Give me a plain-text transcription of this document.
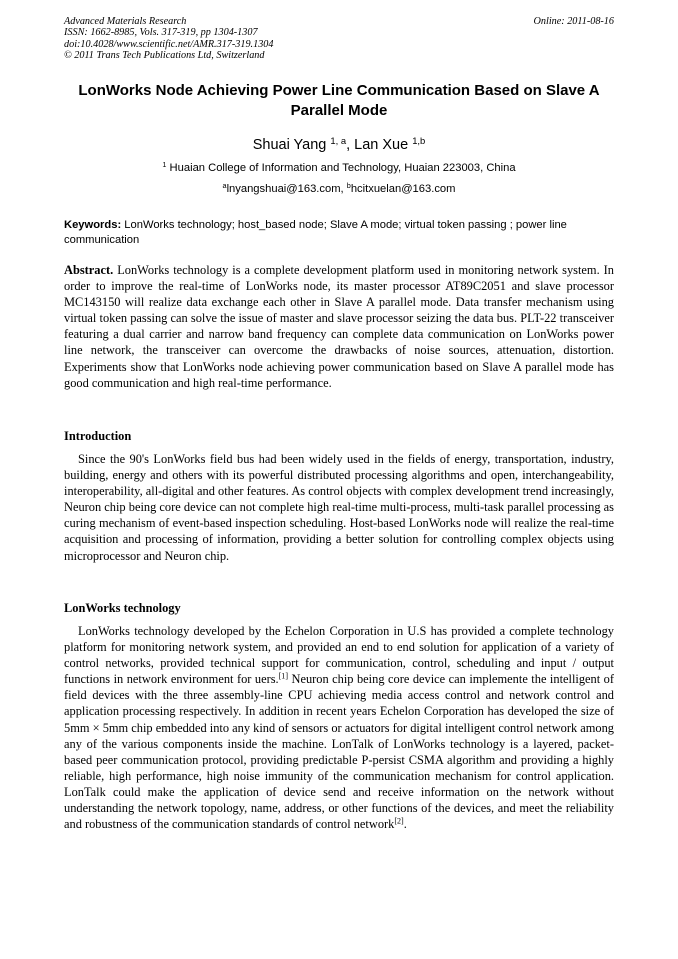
Advanced Materials Research
ISSN: 1662-8985, Vols. 317-319, pp 1304-1307
doi:10.4028/www.scientific.net/AMR.317-319.1304
© 2011 Trans Tech Publications Ltd, Switzerland
Online: 2011-08-16
LonWorks Node Achieving Power Line Communication Based on Slave A Parallel Mode
Shuai Yang $^{1, a}$, Lan Xue $^{1,b}$
$^1$ Huaian College of Information and Technology, Huaian 223003, China
$^a$lnyangshuai@163.com, $^b$hcitxuelan@163.com
Keywords: LonWorks technology; host_based node; Slave A mode; virtual token passing ; power line communication
Abstract. LonWorks technology is a complete development platform used in monitoring network system. In order to improve the real-time of LonWorks node, its master processor AT89C2051 and slave processor MC143150 will realize data exchange each other in Slave A parallel mode. Data transfer mechanism using virtual token passing can solve the issue of master and slave processor seizing the data bus. PLT-22 transceiver featuring a dual carrier and narrow band frequency can complete data communication on LonWorks power line network, the transceiver can overcome the drawbacks of noise sources, attenuation, distortion. Experiments show that LonWorks node achieving power communication based on Slave A parallel mode has good communication and high real-time performance.
Introduction
Since the 90's LonWorks field bus had been widely used in the fields of energy, transportation, industry, building, energy and others with its powerful distributed processing algorithms and open, interchangeability, interoperability, all-digital and other features. As control objects with complex development trend increasingly, Neuron chip being core device can not complete high real-time multi-process, multi-task parallel processing as curing mechanism of event-based inspection scheduling. Host-based LonWorks node will realize the real-time acquisition and processing of information, providing a better solution for controlling complex objects using microprocessor and Neuron chip.
LonWorks technology
LonWorks technology developed by the Echelon Corporation in U.S has provided a complete technology platform for monitoring network system, and provided an end to end solution for application of a variety of control networks, provided technical support for communication, control, scheduling and input / output functions in network environment for uers.[1] Neuron chip being core device can implemente the intelligent of field devices with the three assembly-line CPU achieving media access control and network control and application processing respectively. In addition in recent years Echelon Corporation has developed the size of 5mm × 5mm chip embedded into any kind of sensors or actuators for digital intelligent control network among any of the various components inside the machine. LonTalk of LonWorks technology is a layered, packet-based peer communication protocol, providing predictable P-persist CSMA algorithm and providing a highly reliable, high performance, high noise immunity of the communication mechanism for control application. LonTalk could make the application of device send and receive information on the network without understanding the network topology, name, address, or other functions of the devices, and meet the reliability and robustness of the communication standards of control network[2].
